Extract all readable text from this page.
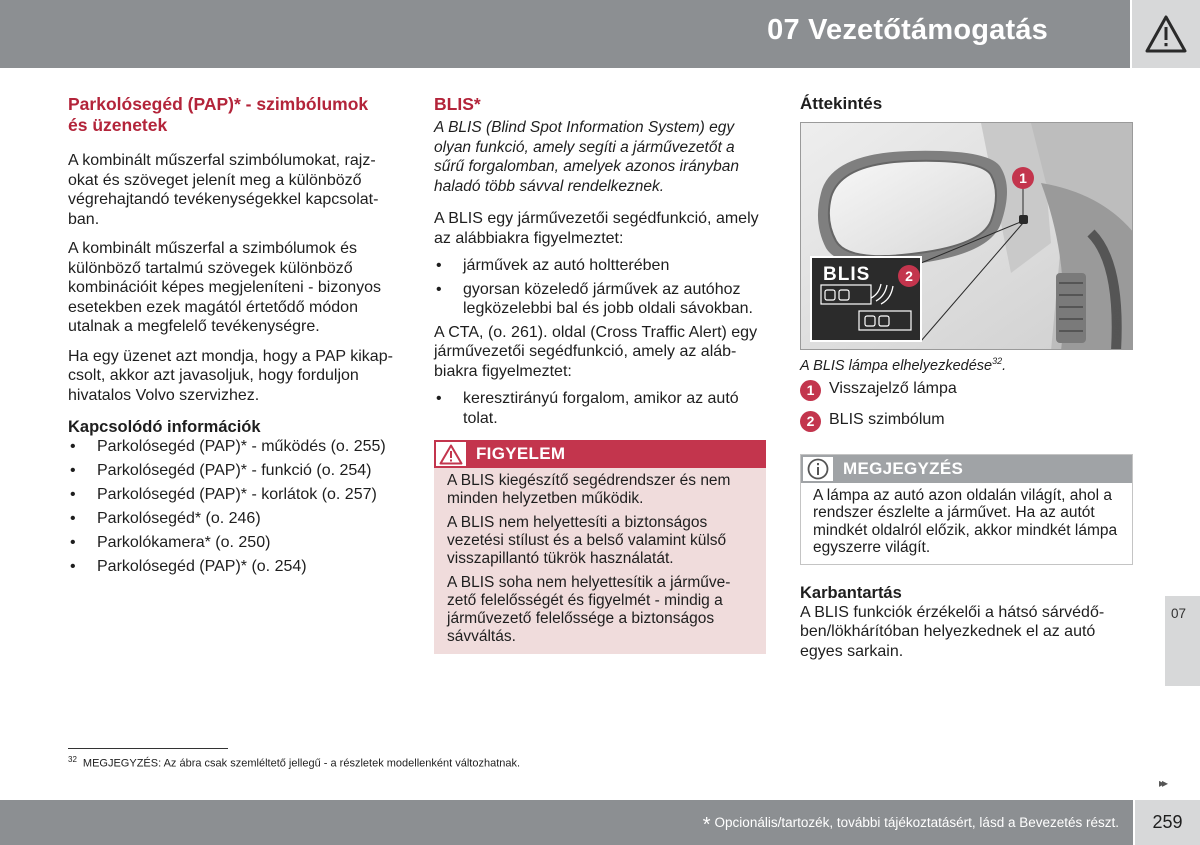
07 Vezetőtámogatás
Parkolósegéd (PAP)* - szimbólumok és üzenetek

A kombinált műszerfal szimbólumokat, rajz-okat és szöveget jelenít meg a különböző végrehajtandó tevékenységekkel kapcsolat-ban.

A kombinált műszerfal a szimbólumok és különböző tartalmú szövegek különböző kombinációit képes megjeleníteni - bizonyos esetekben ezek magától értetődő módon utalnak a megfelelő tevékenységre.

Ha egy üzenet azt mondja, hogy a PAP kikap-csolt, akkor azt javasoljuk, hogy forduljon hivatalos Volvo szervizhez.

Kapcsolódó információk
• Parkolósegéd (PAP)* - működés (o. 255)
• Parkolósegéd (PAP)* - funkció (o. 254)
• Parkolósegéd (PAP)* - korlátok (o. 257)
• Parkolósegéd* (o. 246)
• Parkolókamera* (o. 250)
• Parkolósegéd (PAP)* (o. 254)
BLIS*

A BLIS (Blind Spot Information System) egy olyan funkció, amely segíti a járművezetőt a sűrű forgalomban, amelyek azonos irányban haladó több sávval rendelkeznek.

A BLIS egy járművezetői segédfunkció, amely az alábbiakra figyelmeztet:

• járművek az autó holtterében
• gyorsan közeledő járművek az autóhoz legközelebbi bal és jobb oldali sávokban.

A CTA, (o. 261). oldal (Cross Traffic Alert) egy járművezetői segédfunkció, amely az aláb-biakra figyelmeztet:

• keresztirányú forgalom, amikor az autó tolat.
FIGYELEM

A BLIS kiegészítő segédrendszer és nem minden helyzetben működik.

A BLIS nem helyettesíti a biztonságos vezetési stílust és a belső valamint külső visszapillantó tükrök használatát.

A BLIS soha nem helyettesítik a járműve-zető felelősségét és figyelmét - mindig a járművezető felelőssége a biztonságos sávváltás.

Áttekintés
1
BLIS 2
G046000
A BLIS lámpa elhelyezkedése$^{32}$.
1 Visszajelző lámpa
2 BLIS szimbólum
MEGJEGYZÉS

A lámpa az autó azon oldalán világít, ahol a rendszer észlelte a járművet. Ha az autót mindkét oldalról előzik, akkor mindkét lámpa egyszerre világít.

Karbantartás

A BLIS funkciók érzékelői a hátsó sárvédő-ben/lökhárítóban helyezkednek el az autó egyes sarkain.

07
$^{32}$ MEGJEGYZÉS: Az ábra csak szemléltető jellegű - a részletek modellenként változhatnak.
▸▸
* Opcionális/tartozék, további tájékoztatásért, lásd a Bevezetés részt.	259
